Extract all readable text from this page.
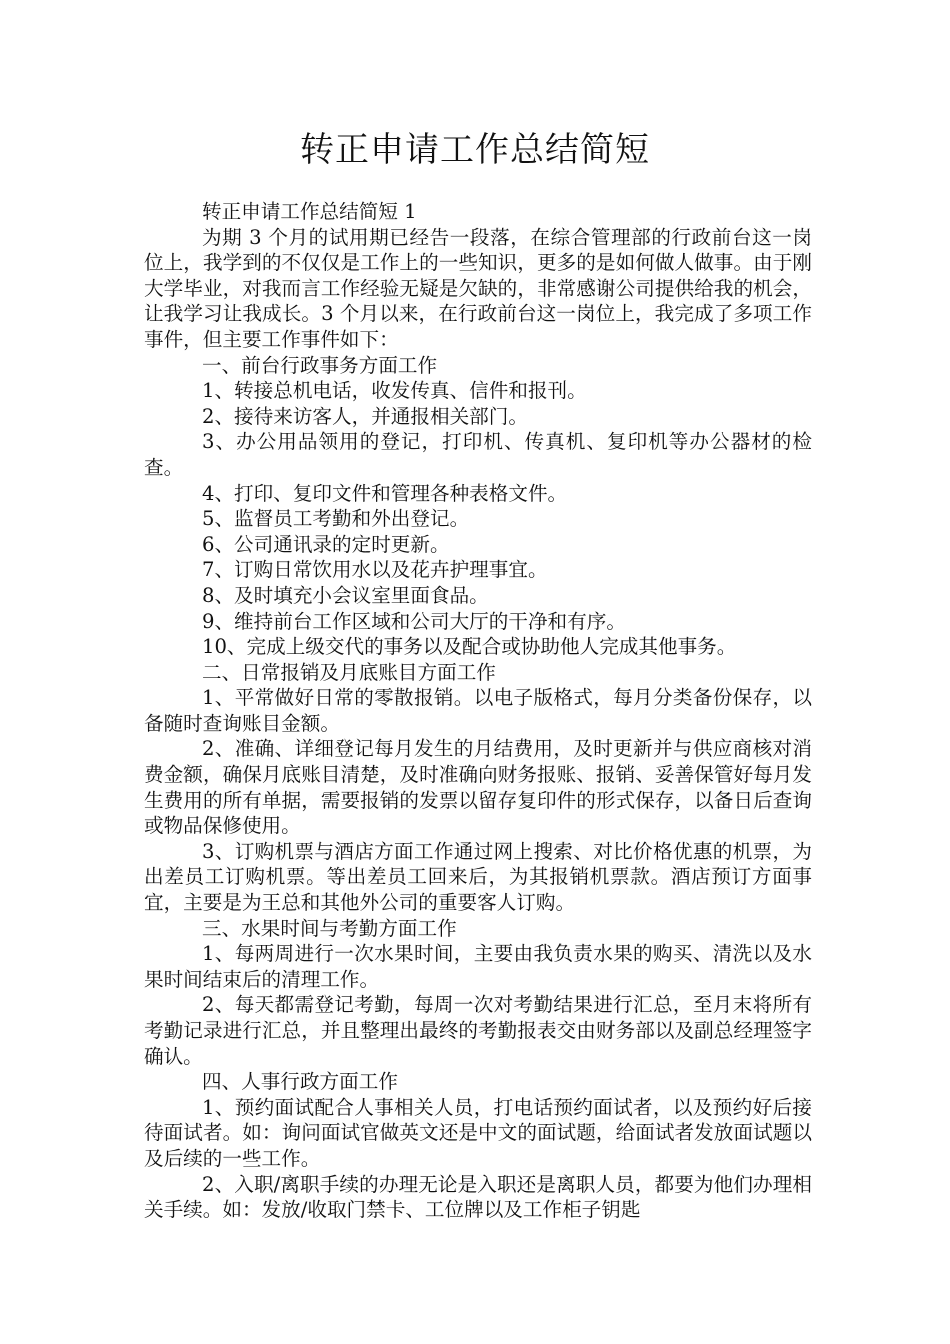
转正申请工作总结简短

转正申请工作总结简短 1

为期 3 个月的试用期已经告一段落，在综合管理部的行政前台这一岗位上，我学到的不仅仅是工作上的一些知识，更多的是如何做人做事。由于刚大学毕业，对我而言工作经验无疑是欠缺的，非常感谢公司提供给我的机会，让我学习让我成长。3 个月以来，在行政前台这一岗位上，我完成了多项工作事件，但主要工作事件如下：

一、前台行政事务方面工作

1、转接总机电话，收发传真、信件和报刊。

2、接待来访客人，并通报相关部门。

3、办公用品领用的登记，打印机、传真机、复印机等办公器材的检查。

4、打印、复印文件和管理各种表格文件。

5、监督员工考勤和外出登记。

6、公司通讯录的定时更新。

7、订购日常饮用水以及花卉护理事宜。

8、及时填充小会议室里面食品。

9、维持前台工作区域和公司大厅的干净和有序。

10、完成上级交代的事务以及配合或协助他人完成其他事务。

二、日常报销及月底账目方面工作

1、平常做好日常的零散报销。以电子版格式，每月分类备份保存，以备随时查询账目金额。

2、准确、详细登记每月发生的月结费用，及时更新并与供应商核对消费金额，确保月底账目清楚，及时准确向财务报账、报销、妥善保管好每月发生费用的所有单据，需要报销的发票以留存复印件的形式保存，以备日后查询或物品保修使用。

3、订购机票与酒店方面工作通过网上搜索、对比价格优惠的机票，为出差员工订购机票。等出差员工回来后，为其报销机票款。酒店预订方面事宜，主要是为王总和其他外公司的重要客人订购。

三、水果时间与考勤方面工作

1、每两周进行一次水果时间，主要由我负责水果的购买、清洗以及水果时间结束后的清理工作。

2、每天都需登记考勤，每周一次对考勤结果进行汇总，至月末将所有考勤记录进行汇总，并且整理出最终的考勤报表交由财务部以及副总经理签字确认。

四、人事行政方面工作

1、预约面试配合人事相关人员，打电话预约面试者，以及预约好后接待面试者。如：询问面试官做英文还是中文的面试题，给面试者发放面试题以及后续的一些工作。

2、入职/离职手续的办理无论是入职还是离职人员，都要为他们办理相关手续。如：发放/收取门禁卡、工位牌以及工作柜子钥匙
